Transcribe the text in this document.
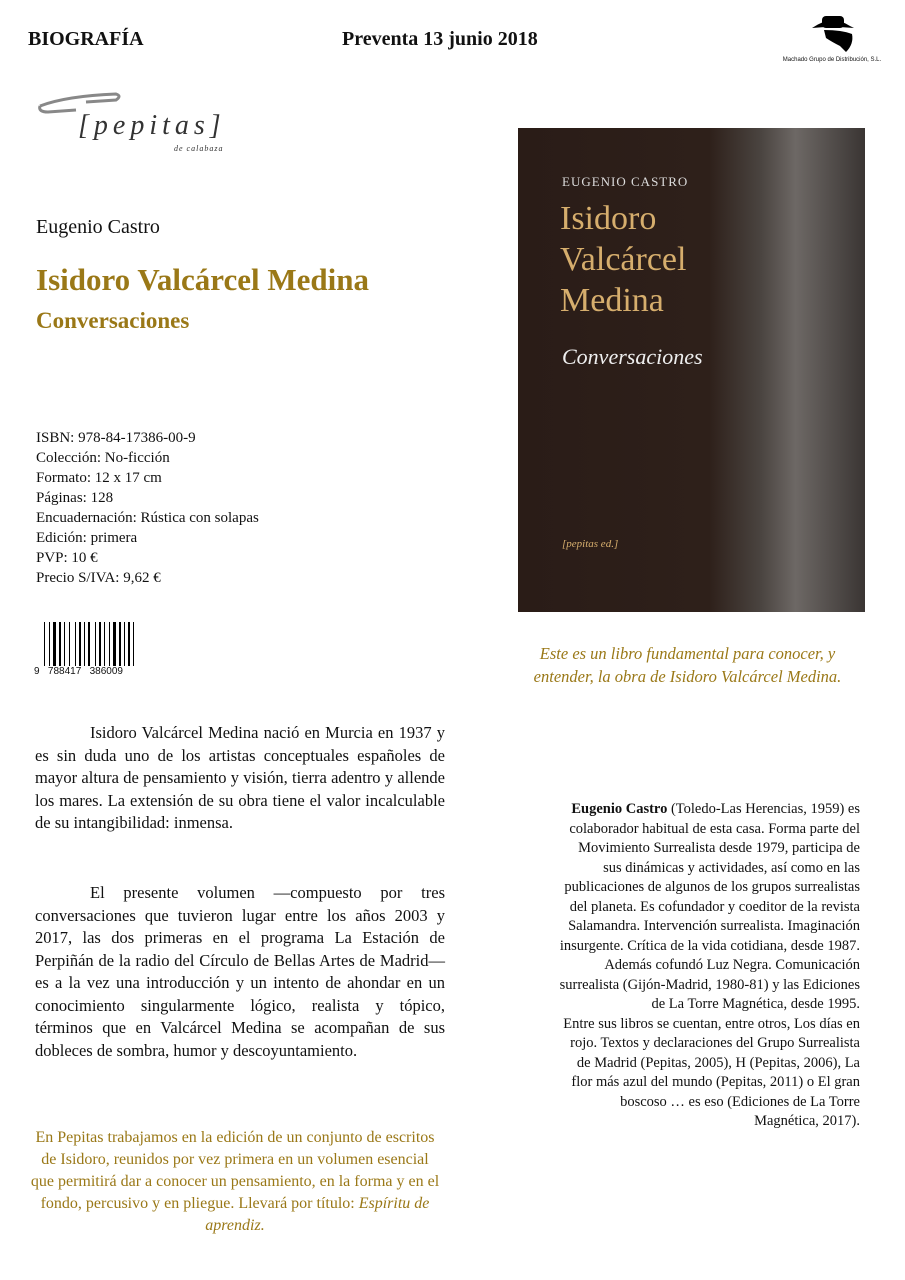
BIOGRAFÍA	Preventa 13 junio 2018
Machado Grupo de Distribución, S.L.
[pepitas]
de calabaza
Eugenio Castro
Isidoro Valcárcel Medina
Conversaciones
ISBN: 978-84-17386-00-9
Colección: No-ficción
Formato: 12 x 17 cm
Páginas: 128
Encuadernación: Rústica con solapas
Edición: primera
PVP: 10 €
Precio S/IVA: 9,62 €
9   788417   386009
Isidoro Valcárcel Medina nació en Murcia en 1937 y es sin duda uno de los artistas conceptuales españoles de mayor altura de pensamiento y visión, tierra adentro y allende los mares. La extensión de su obra tiene el valor incalculable de su intangibilidad: inmensa.
El presente volumen —compuesto por tres conversaciones que tuvieron lugar entre los años 2003 y 2017, las dos primeras en el programa La Estación de Perpiñán de la radio del Círculo de Bellas Artes de Madrid— es a la vez una introducción y un intento de ahondar en un conocimiento singularmente lógico, realista y tópico, términos que en Valcárcel Medina se acompañan de sus dobleces de sombra, humor y descoyuntamiento.
EUGENIO CASTRO
Isidoro
Valcárcel
Medina
Conversaciones
[pepitas ed.]
Este es un libro fundamental para conocer, y entender, la obra de Isidoro Valcárcel Medina.
Eugenio Castro (Toledo-Las Herencias, 1959) es
colaborador habitual de esta casa. Forma parte del
Movimiento Surrealista desde 1979, participa de
sus dinámicas y actividades, así como en las
publicaciones de algunos de los grupos surrealistas
del planeta. Es cofundador y coeditor de la revista
Salamandra. Intervención surrealista. Imaginación
insurgente. Crítica de la vida cotidiana, desde 1987.
Además cofundó Luz Negra. Comunicación
surrealista (Gijón-Madrid, 1980-81) y las Ediciones
de La Torre Magnética, desde 1995.
Entre sus libros se cuentan, entre otros, Los días en
rojo. Textos y declaraciones del Grupo Surrealista
de Madrid (Pepitas, 2005), H (Pepitas, 2006), La
flor más azul del mundo (Pepitas, 2011) o El gran
boscoso … es eso (Ediciones de La Torre
Magnética, 2017).
En Pepitas trabajamos en la edición de un conjunto de escritos de Isidoro, reunidos por vez primera en un volumen esencial que permitirá dar a conocer un pensamiento, en la forma y en el fondo, percusivo y en pliegue. Llevará por título: Espíritu de aprendiz.
